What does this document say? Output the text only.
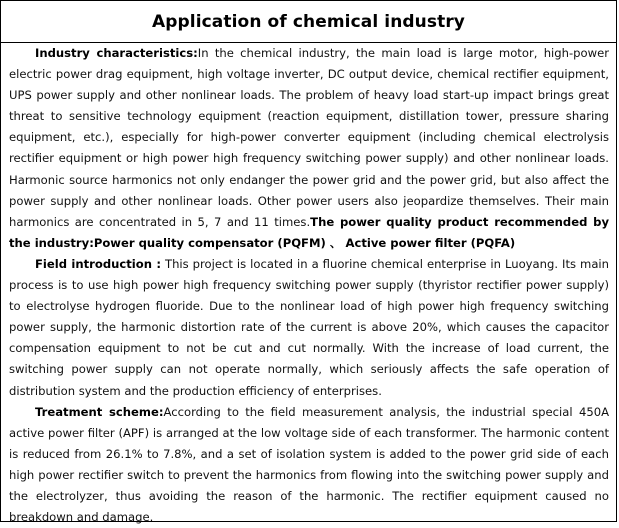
Application of chemical industry

Industry characteristics:In the chemical industry, the main load is large motor, high-power electric power drag equipment, high voltage inverter, DC output device, chemical rectifier equipment, UPS power supply and other nonlinear loads. The problem of heavy load start-up impact brings great threat to sensitive technology equipment (reaction equipment, distillation tower, pressure sharing equipment, etc.), especially for high-power converter equipment (including chemical electrolysis rectifier equipment or high power high frequency switching power supply) and other nonlinear loads. Harmonic source harmonics not only endanger the power grid and the power grid, but also affect the power supply and other nonlinear loads. Other power users also jeopardize themselves. Their main harmonics are concentrated in 5, 7 and 11 times.The power quality product recommended by the industry:Power quality compensator (PQFM) 、 Active power filter (PQFA)

Field introduction : This project is located in a fluorine chemical enterprise in Luoyang. Its main process is to use high power high frequency switching power supply (thyristor rectifier power supply) to electrolyse hydrogen fluoride. Due to the nonlinear load of high power high frequency switching power supply, the harmonic distortion rate of the current is above 20%, which causes the capacitor compensation equipment to not be cut and cut normally. With the increase of load current, the switching power supply can not operate normally, which seriously affects the safe operation of distribution system and the production efficiency of enterprises.

Treatment scheme:According to the field measurement analysis, the industrial special 450A active power filter (APF) is arranged at the low voltage side of each transformer. The harmonic content is reduced from 26.1% to 7.8%, and a set of isolation system is added to the power grid side of each high power rectifier switch to prevent the harmonics from flowing into the switching power supply and the electrolyzer, thus avoiding the reason of the harmonic. The rectifier equipment caused no breakdown and damage.
